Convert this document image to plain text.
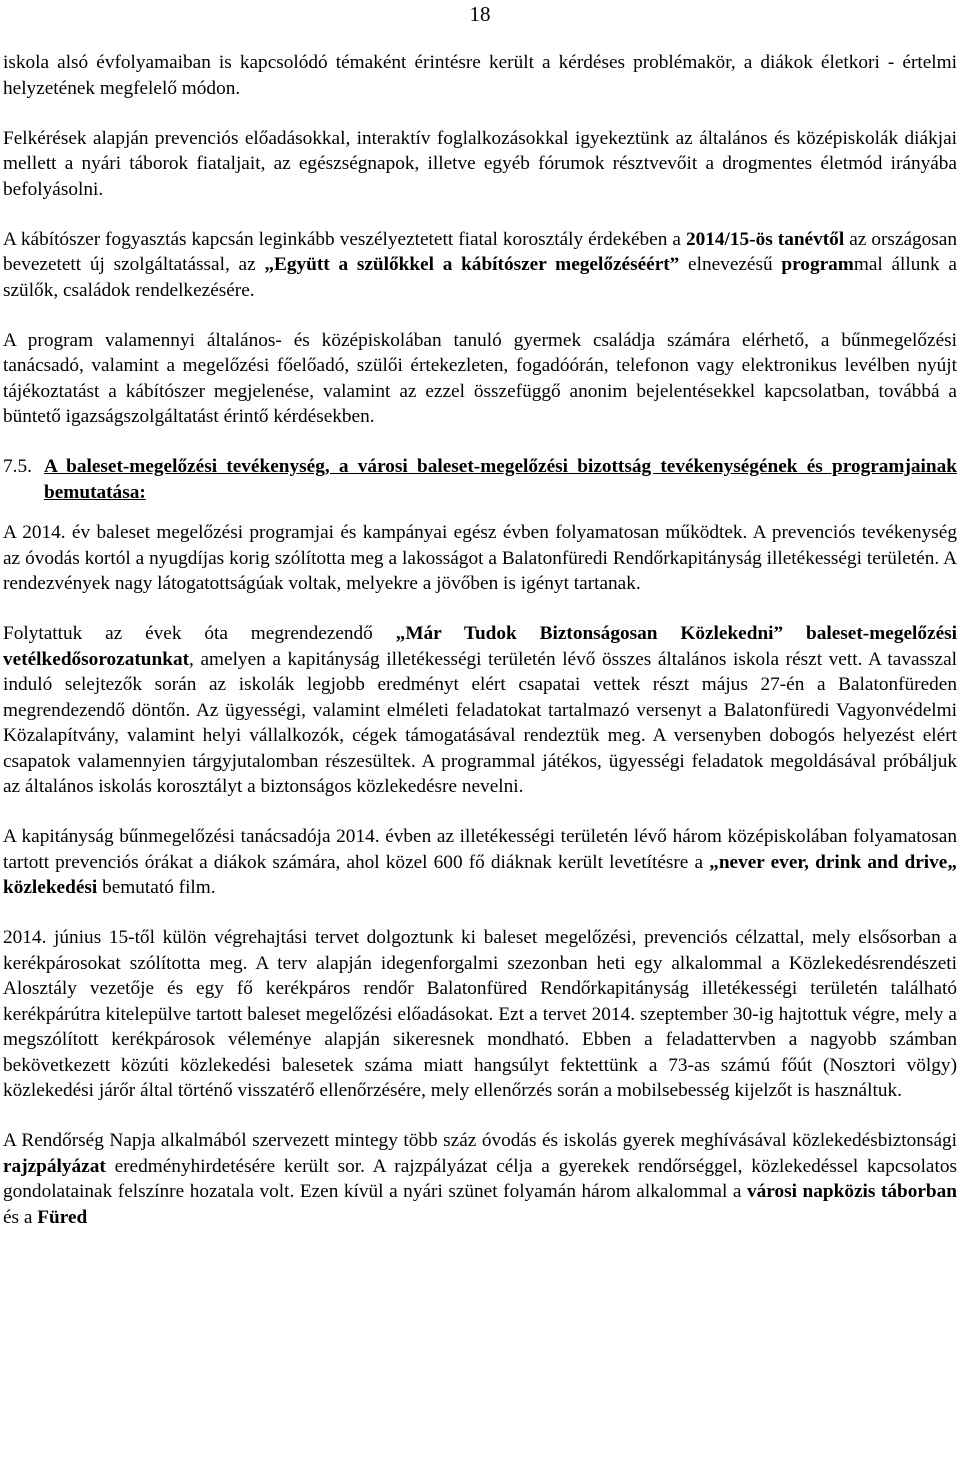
18

iskola alsó évfolyamaiban is kapcsolódó témaként érintésre került a kérdéses problémakör, a diákok életkori - értelmi helyzetének megfelelő módon.

Felkérések alapján prevenciós előadásokkal, interaktív foglalkozásokkal igyekeztünk az általános és középiskolák diákjai mellett a nyári táborok fiataljait, az egészségnapok, illetve egyéb fórumok résztvevőit a drogmentes életmód irányába befolyásolni.

A kábítószer fogyasztás kapcsán leginkább veszélyeztetett fiatal korosztály érdekében a 2014/15-ös tanévtől az országosan bevezetett új szolgáltatással, az „Együtt a szülőkkel a kábítószer megelőzéséért” elnevezésű programmal állunk a szülők, családok rendelkezésére.

A program valamennyi általános- és középiskolában tanuló gyermek családja számára elérhető, a bűnmegelőzési tanácsadó, valamint a megelőzési főelőadó, szülői értekezleten, fogadóórán, telefonon vagy elektronikus levélben nyújt tájékoztatást a kábítószer megjelenése, valamint az ezzel összefüggő anonim bejelentésekkel kapcsolatban, továbbá a büntető igazságszolgáltatást érintő kérdésekben.

7.5. A baleset-megelőzési tevékenység, a városi baleset-megelőzési bizottság tevékenységének és programjainak bemutatása:

A 2014. év baleset megelőzési programjai és kampányai egész évben folyamatosan működtek. A prevenciós tevékenység az óvodás kortól a nyugdíjas korig szólította meg a lakosságot a Balatonfüredi Rendőrkapitányság illetékességi területén. A rendezvények nagy látogatottságúak voltak, melyekre a jövőben is igényt tartanak.

Folytattuk az évek óta megrendezendő „Már Tudok Biztonságosan Közlekedni” baleset-megelőzési vetélkedősorozatunkat, amelyen a kapitányság illetékességi területén lévő összes általános iskola részt vett. A tavasszal induló selejtezők során az iskolák legjobb eredményt elért csapatai vettek részt május 27-én a Balatonfüreden megrendezendő döntőn. Az ügyességi, valamint elméleti feladatokat tartalmazó versenyt a Balatonfüredi Vagyonvédelmi Közalapítvány, valamint helyi vállalkozók, cégek támogatásával rendeztük meg. A versenyben dobogós helyezést elért csapatok valamennyien tárgyjutalomban részesültek. A programmal játékos, ügyességi feladatok megoldásával próbáljuk az általános iskolás korosztályt a biztonságos közlekedésre nevelni.

A kapitányság bűnmegelőzési tanácsadója 2014. évben az illetékességi területén lévő három középiskolában folyamatosan tartott prevenciós órákat a diákok számára, ahol közel 600 fő diáknak került levetítésre a „never ever, drink and drive„ közlekedési bemutató film.

2014. június 15-től külön végrehajtási tervet dolgoztunk ki baleset megelőzési, prevenciós célzattal, mely elsősorban a kerékpárosokat szólította meg. A terv alapján idegenforgalmi szezonban heti egy alkalommal a Közlekedésrendészeti Alosztály vezetője és egy fő kerékpáros rendőr Balatonfüred Rendőrkapitányság illetékességi területén található kerékpárútra kitelepülve tartott baleset megelőzési előadásokat. Ezt a tervet 2014. szeptember 30-ig hajtottuk végre, mely a megszólított kerékpárosok véleménye alapján sikeresnek mondható. Ebben a feladattervben a nagyobb számban bekövetkezett közúti közlekedési balesetek száma miatt hangsúlyt fektettünk a 73-as számú főút (Nosztori völgy) közlekedési járőr által történő visszatérő ellenőrzésére, mely ellenőrzés során a mobilsebesség kijelzőt is használtuk.

A Rendőrség Napja alkalmából szervezett mintegy több száz óvodás és iskolás gyerek meghívásával közlekedésbiztonsági rajzpályázat eredményhirdetésére került sor. A rajzpályázat célja a gyerekek rendőrséggel, közlekedéssel kapcsolatos gondolatainak felszínre hozatala volt. Ezen kívül a nyári szünet folyamán három alkalommal a városi napközis táborban és a Füred
